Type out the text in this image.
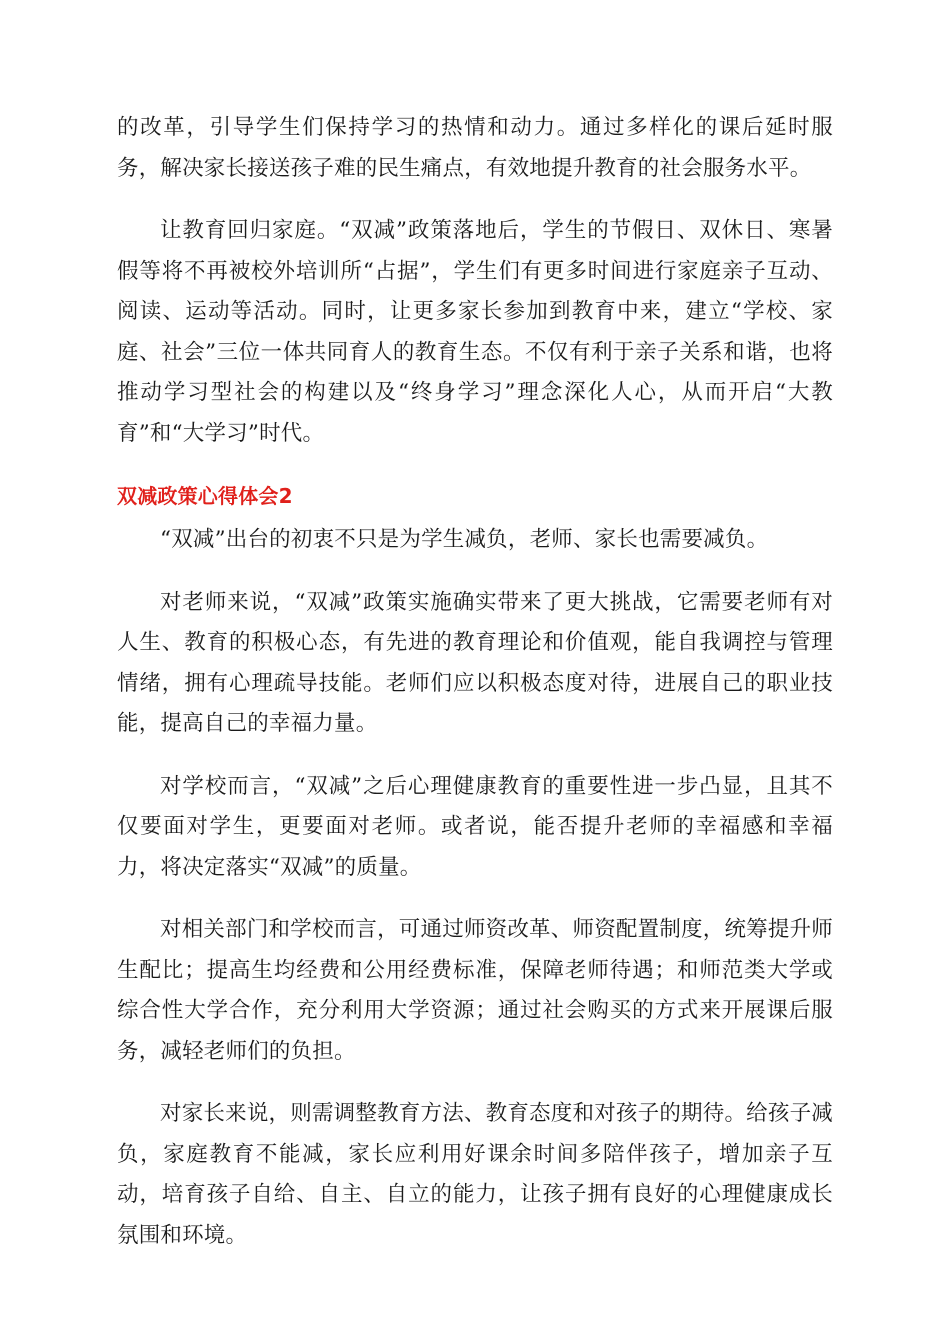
的改革，引导学生们保持学习的热情和动力。通过多样化的课后延时服务，解决家长接送孩子难的民生痛点，有效地提升教育的社会服务水平。

让教育回归家庭。“双减”政策落地后，学生的节假日、双休日、寒暑假等将不再被校外培训所“占据”，学生们有更多时间进行家庭亲子互动、阅读、运动等活动。同时，让更多家长参加到教育中来，建立“学校、家庭、社会”三位一体共同育人的教育生态。不仅有利于亲子关系和谐，也将推动学习型社会的构建以及“终身学习”理念深化人心，从而开启“大教育”和“大学习”时代。

双减政策心得体会2

“双减”出台的初衷不只是为学生减负，老师、家长也需要减负。

对老师来说，“双减”政策实施确实带来了更大挑战，它需要老师有对人生、教育的积极心态，有先进的教育理论和价值观，能自我调控与管理情绪，拥有心理疏导技能。老师们应以积极态度对待，进展自己的职业技能，提高自己的幸福力量。

对学校而言，“双减”之后心理健康教育的重要性进一步凸显，且其不仅要面对学生，更要面对老师。或者说，能否提升老师的幸福感和幸福力，将决定落实“双减”的质量。

对相关部门和学校而言，可通过师资改革、师资配置制度，统筹提升师生配比；提高生均经费和公用经费标准，保障老师待遇；和师范类大学或综合性大学合作，充分利用大学资源；通过社会购买的方式来开展课后服务，减轻老师们的负担。

对家长来说，则需调整教育方法、教育态度和对孩子的期待。给孩子减负，家庭教育不能减，家长应利用好课余时间多陪伴孩子，增加亲子互动，培育孩子自给、自主、自立的能力，让孩子拥有良好的心理健康成长氛围和环境。
